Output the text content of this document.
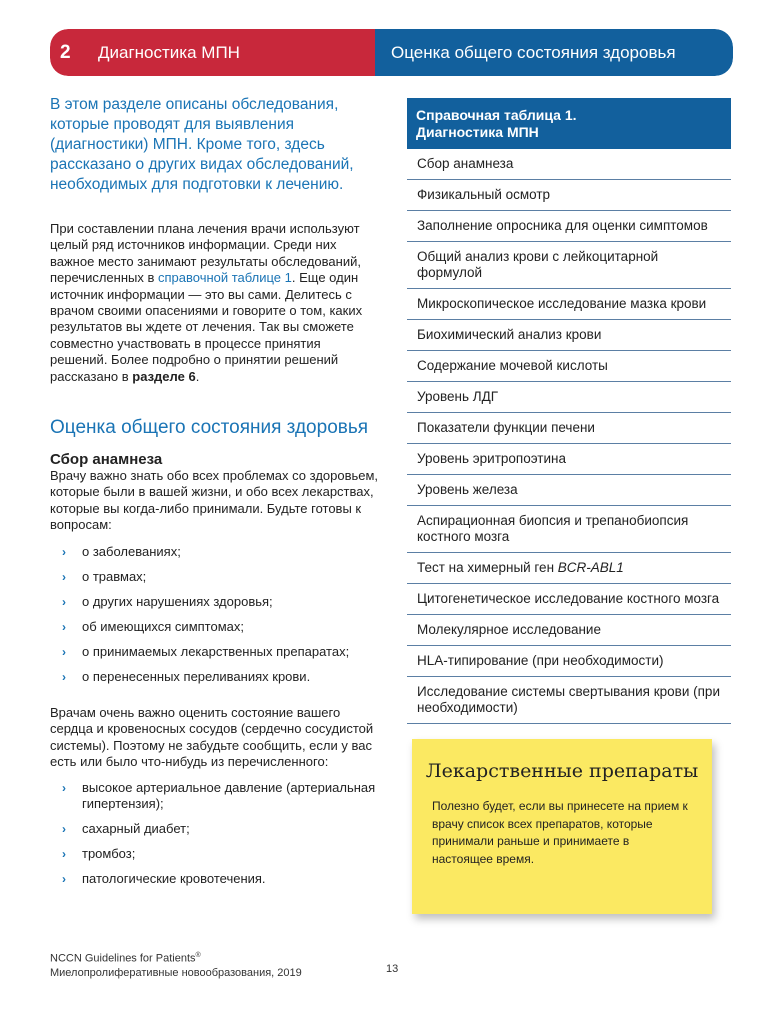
2	Диагностика МПН	Оценка общего состояния здоровья

В этом разделе описаны обследования, которые проводят для выявления (диагностики) МПН. Кроме того, здесь рассказано о других видах обследований, необходимых для подготовки к лечению.

При составлении плана лечения врачи используют целый ряд источников информации. Среди них важное место занимают результаты обследований, перечисленных в справочной таблице 1. Еще один источник информации — это вы сами. Делитесь с врачом своими опасениями и говорите о том, каких результатов вы ждете от лечения. Так вы сможете совместно участвовать в процессе принятия решений. Более подробно о принятии решений рассказано в разделе 6.

Оценка общего состояния здоровья
Сбор анамнеза

Врачу важно знать обо всех проблемах со здоровьем, которые были в вашей жизни, и обо всех лекарствах, которые вы когда-либо принимали. Будьте готовы к вопросам:

› о заболеваниях;
› о травмах;
› о других нарушениях здоровья;
› об имеющихся симптомах;
› о принимаемых лекарственных препаратах;
› о перенесенных переливаниях крови.

Врачам очень важно оценить состояние вашего сердца и кровеносных сосудов (сердечно сосудистой системы). Поэтому не забудьте сообщить, если у вас есть или было что-нибудь из перечисленного:

› высокое артериальное давление (артериальная гипертензия);
› сахарный диабет;
› тромбоз;
› патологические кровотечения.
Справочная таблица 1.
Диагностика МПН
Сбор анамнеза
Физикальный осмотр
Заполнение опросника для оценки симптомов
Общий анализ крови с лейкоцитарной формулой
Микроскопическое исследование мазка крови
Биохимический анализ крови
Содержание мочевой кислоты
Уровень ЛДГ
Показатели функции печени
Уровень эритропоэтина
Уровень железа
Аспирационная биопсия и трепанобиопсия костного мозга
Тест на химерный ген BCR-ABL1
Цитогенетическое исследование костного мозга
Молекулярное исследование
HLA-типирование (при необходимости)
Исследование системы свертывания крови (при необходимости)
Лекарственные препараты
Полезно будет, если вы принесете на прием к врачу список всех препаратов, которые принимали раньше и принимаете в настоящее время.
NCCN Guidelines for Patients®
Миелопролиферативные новообразования, 2019	13
